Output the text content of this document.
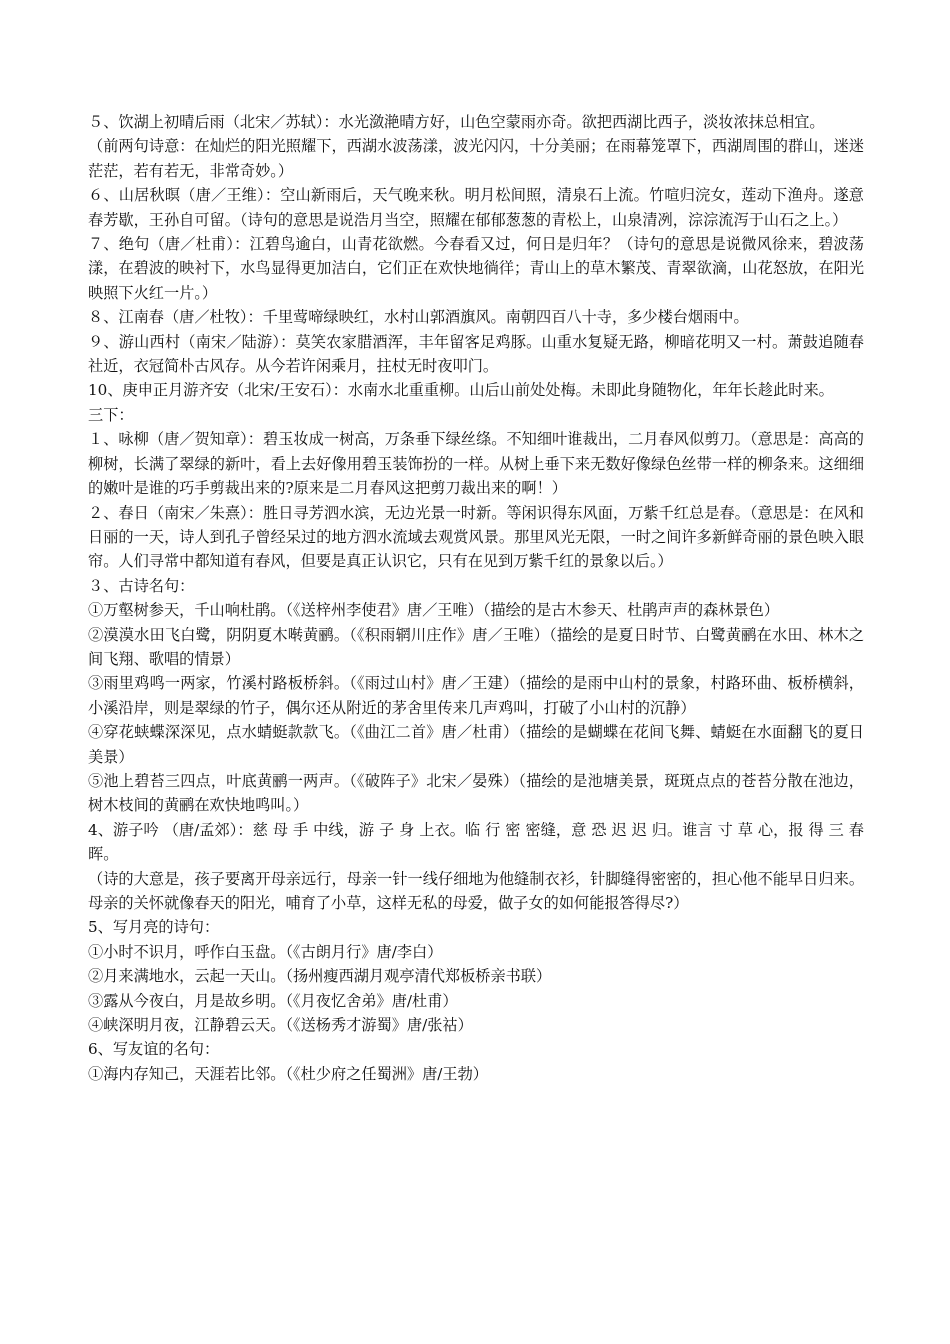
５、饮湖上初晴后雨（北宋／苏轼）：水光潋滟晴方好，山色空蒙雨亦奇。欲把西湖比西子，淡妆浓抹总相宜。

（前两句诗意：在灿烂的阳光照耀下，西湖水波荡漾，波光闪闪，十分美丽；在雨幕笼罩下，西湖周围的群山，迷迷茫茫，若有若无，非常奇妙。）

６、山居秋暝（唐／王维）：空山新雨后，天气晚来秋。明月松间照，清泉石上流。竹喧归浣女，莲动下渔舟。遂意春芳歇，王孙自可留。（诗句的意思是说浩月当空，照耀在郁郁葱葱的青松上，山泉清冽，淙淙流泻于山石之上。）

７、绝句（唐／杜甫）：江碧鸟逾白，山青花欲燃。今春看又过，何日是归年？（诗句的意思是说微风徐来，碧波荡漾，在碧波的映衬下，水鸟显得更加洁白，它们正在欢快地徜徉；青山上的草木繁茂、青翠欲滴，山花怒放，在阳光映照下火红一片。）

８、江南春（唐／杜牧）：千里莺啼绿映红，水村山郭酒旗风。南朝四百八十寺，多少楼台烟雨中。

９、游山西村（南宋／陆游）：莫笑农家腊酒浑，丰年留客足鸡豚。山重水复疑无路，柳暗花明又一村。萧鼓追随春社近，衣冠简朴古风存。从今若许闲乘月，拄杖无时夜叩门。

10、庚申正月游齐安（北宋/王安石）：水南水北重重柳。山后山前处处梅。未即此身随物化，年年长趁此时来。

三下：

１、咏柳（唐／贺知章）：碧玉妆成一树高，万条垂下绿丝绦。不知细叶谁裁出，二月春风似剪刀。（意思是：高高的柳树，长满了翠绿的新叶，看上去好像用碧玉装饰扮的一样。从树上垂下来无数好像绿色丝带一样的柳条来。这细细的嫩叶是谁的巧手剪裁出来的?原来是二月春风这把剪刀裁出来的啊！）

２、春日（南宋／朱熹）：胜日寻芳泗水滨，无边光景一时新。等闲识得东风面，万紫千红总是春。（意思是：在风和日丽的一天，诗人到孔子曾经呆过的地方泗水流域去观赏风景。那里风光无限，一时之间许多新鲜奇丽的景色映入眼帘。人们寻常中都知道有春风，但要是真正认识它，只有在见到万紫千红的景象以后。）

３、古诗名句：

①万壑树参天，千山响杜鹃。（《送梓州李使君》唐／王唯）（描绘的是古木参天、杜鹃声声的森林景色）

②漠漠水田飞白鹭，阴阴夏木啭黄鹂。（《积雨辋川庄作》唐／王唯）（描绘的是夏日时节、白鹭黄鹂在水田、林木之间飞翔、歌唱的情景）

③雨里鸡鸣一两家，竹溪村路板桥斜。（《雨过山村》唐／王建）（描绘的是雨中山村的景象，村路环曲、板桥横斜，小溪沿岸，则是翠绿的竹子，偶尔还从附近的茅舍里传来几声鸡叫，打破了小山村的沉静）

④穿花蛱蝶深深见，点水蜻蜓款款飞。（《曲江二首》唐／杜甫）（描绘的是蝴蝶在花间飞舞、蜻蜓在水面翻飞的夏日美景）

⑤池上碧苔三四点，叶底黄鹂一两声。（《破阵子》北宋／晏殊）（描绘的是池塘美景，斑斑点点的苍苔分散在池边，树木枝间的黄鹂在欢快地鸣叫。）

4、游子吟 （唐/孟郊）：慈 母 手 中线，游 子 身 上衣。临 行 密 密缝，意 恐 迟 迟 归。谁言 寸 草 心，报 得 三 春晖。

（诗的大意是，孩子要离开母亲远行，母亲一针一线仔细地为他缝制衣衫，针脚缝得密密的，担心他不能早日归来。母亲的关怀就像春天的阳光，哺育了小草，这样无私的母爱，做子女的如何能报答得尽?）

5、写月亮的诗句：

①小时不识月，呼作白玉盘。（《古朗月行》唐/李白）

②月来满地水，云起一天山。（扬州瘦西湖月观亭清代郑板桥亲书联）

③露从今夜白，月是故乡明。（《月夜忆舍弟》唐/杜甫）

④峡深明月夜，江静碧云天。（《送杨秀才游蜀》唐/张祜）

6、写友谊的名句：

①海内存知己，天涯若比邻。（《杜少府之任蜀洲》唐/王勃）
